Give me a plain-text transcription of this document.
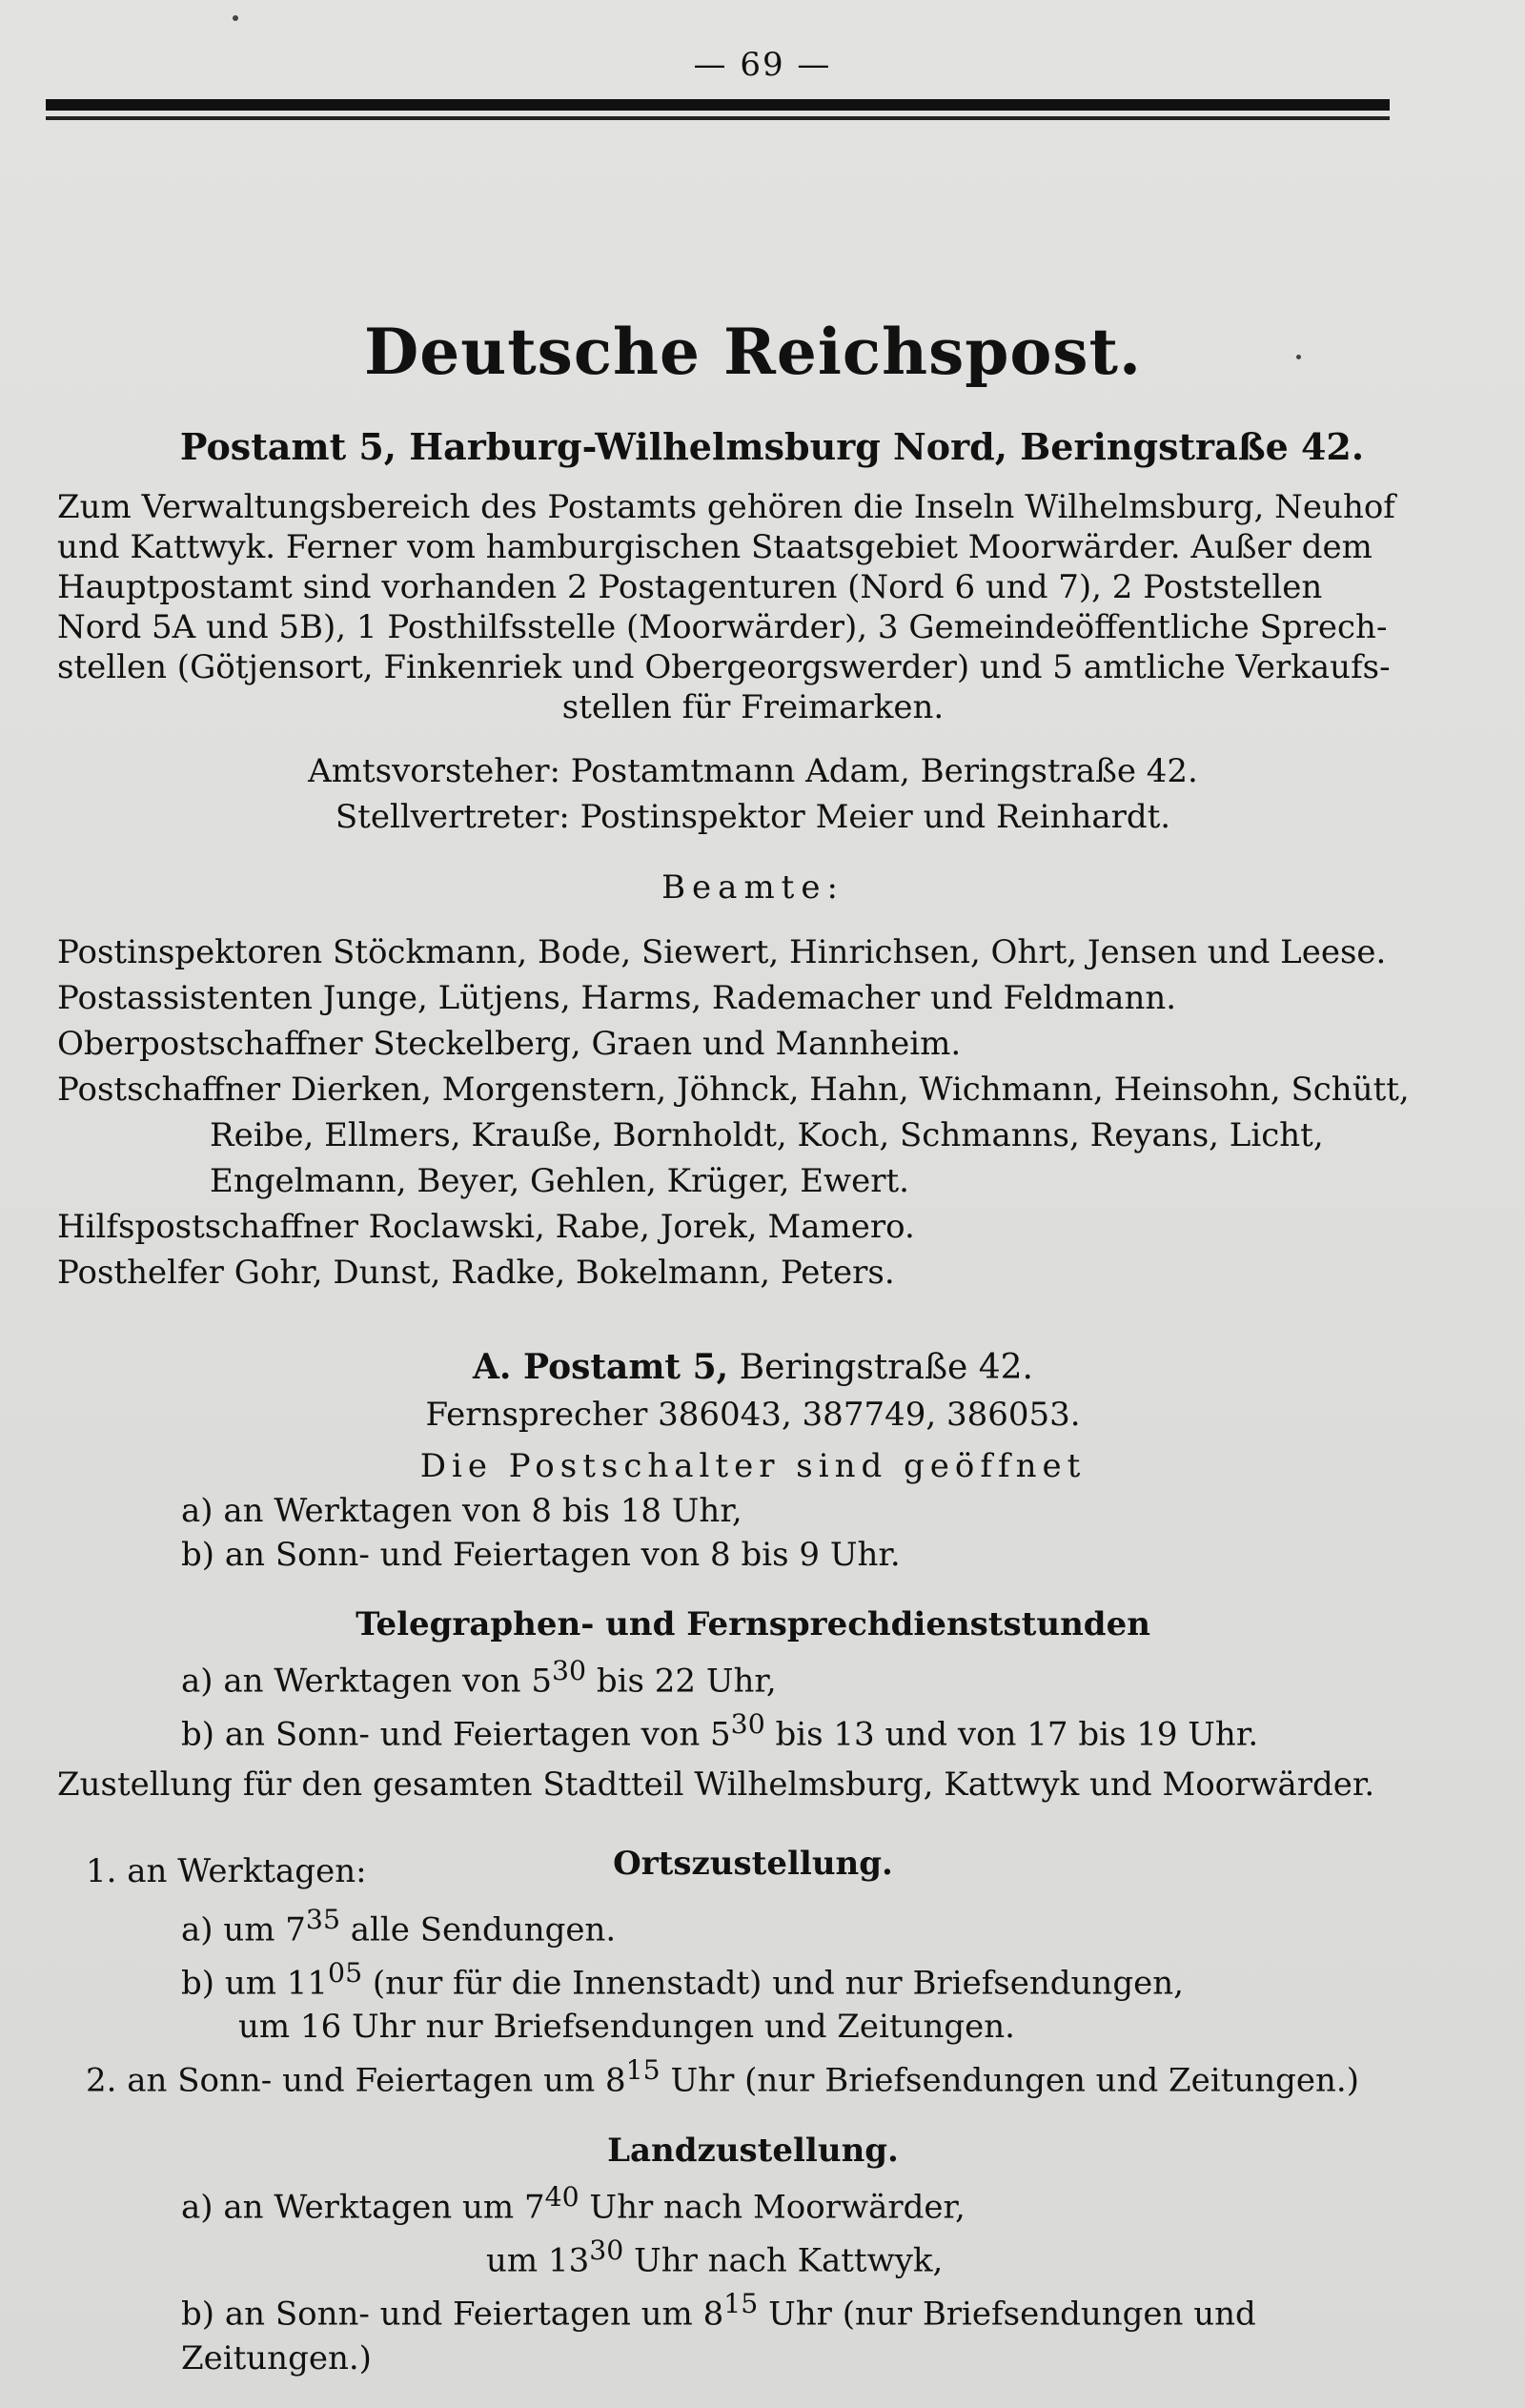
— 69 —
Deutsche Reichspost.
Postamt 5, Harburg-Wilhelmsburg Nord, Beringstraße 42.

Zum Verwaltungsbereich des Postamts gehören die Inseln Wilhelmsburg, Neuhof

und Kattwyk. Ferner vom hamburgischen Staatsgebiet Moorwärder. Außer dem

Hauptpostamt sind vorhanden 2 Postagenturen (Nord 6 und 7), 2 Poststellen

Nord 5A und 5B), 1 Posthilfsstelle (Moorwärder), 3 Gemeindeöffentliche Sprech-

stellen (Götjensort, Finkenriek und Obergeorgswerder) und 5 amtliche Verkaufs-

stellen für Freimarken.

Amtsvorsteher: Postamtmann Adam, Beringstraße 42.

Stellvertreter: Postinspektor Meier und Reinhardt.

Beamte:

Postinspektoren Stöckmann, Bode, Siewert, Hinrichsen, Ohrt, Jensen und Leese.

Postassistenten Junge, Lütjens, Harms, Rademacher und Feldmann.

Oberpostschaffner Steckelberg, Graen und Mannheim.

Postschaffner Dierken, Morgenstern, Jöhnck, Hahn, Wichmann, Heinsohn, Schütt,

Reibe, Ellmers, Krauße, Bornholdt, Koch, Schmanns, Reyans, Licht,

Engelmann, Beyer, Gehlen, Krüger, Ewert.

Hilfspostschaffner Roclawski, Rabe, Jorek, Mamero.

Posthelfer Gohr, Dunst, Radke, Bokelmann, Peters.

A. Postamt 5, Beringstraße 42.

Fernsprecher 386043, 387749, 386053.

Die Postschalter sind geöffnet

a) an Werktagen von 8 bis 18 Uhr,

b) an Sonn- und Feiertagen von 8 bis 9 Uhr.

Telegraphen- und Fernsprechdienststunden

a) an Werktagen von $5^{30}$ bis 22 Uhr,

b) an Sonn- und Feiertagen von $5^{30}$ bis 13 und von 17 bis 19 Uhr.

Zustellung für den gesamten Stadtteil Wilhelmsburg, Kattwyk und Moorwärder.

Ortszustellung.
1. an Werktagen:

a) um $7^{35}$ alle Sendungen.

b) um $11^{05}$ (nur für die Innenstadt) und nur Briefsendungen,

um 16 Uhr nur Briefsendungen und Zeitungen.

2. an Sonn- und Feiertagen um $8^{15}$ Uhr (nur Briefsendungen und Zeitungen.)

Landzustellung.

a) an Werktagen um $7^{40}$ Uhr nach Moorwärder,

um $13^{30}$ Uhr nach Kattwyk,

b) an Sonn- und Feiertagen um $8^{15}$ Uhr (nur Briefsendungen und Zeitungen.)
